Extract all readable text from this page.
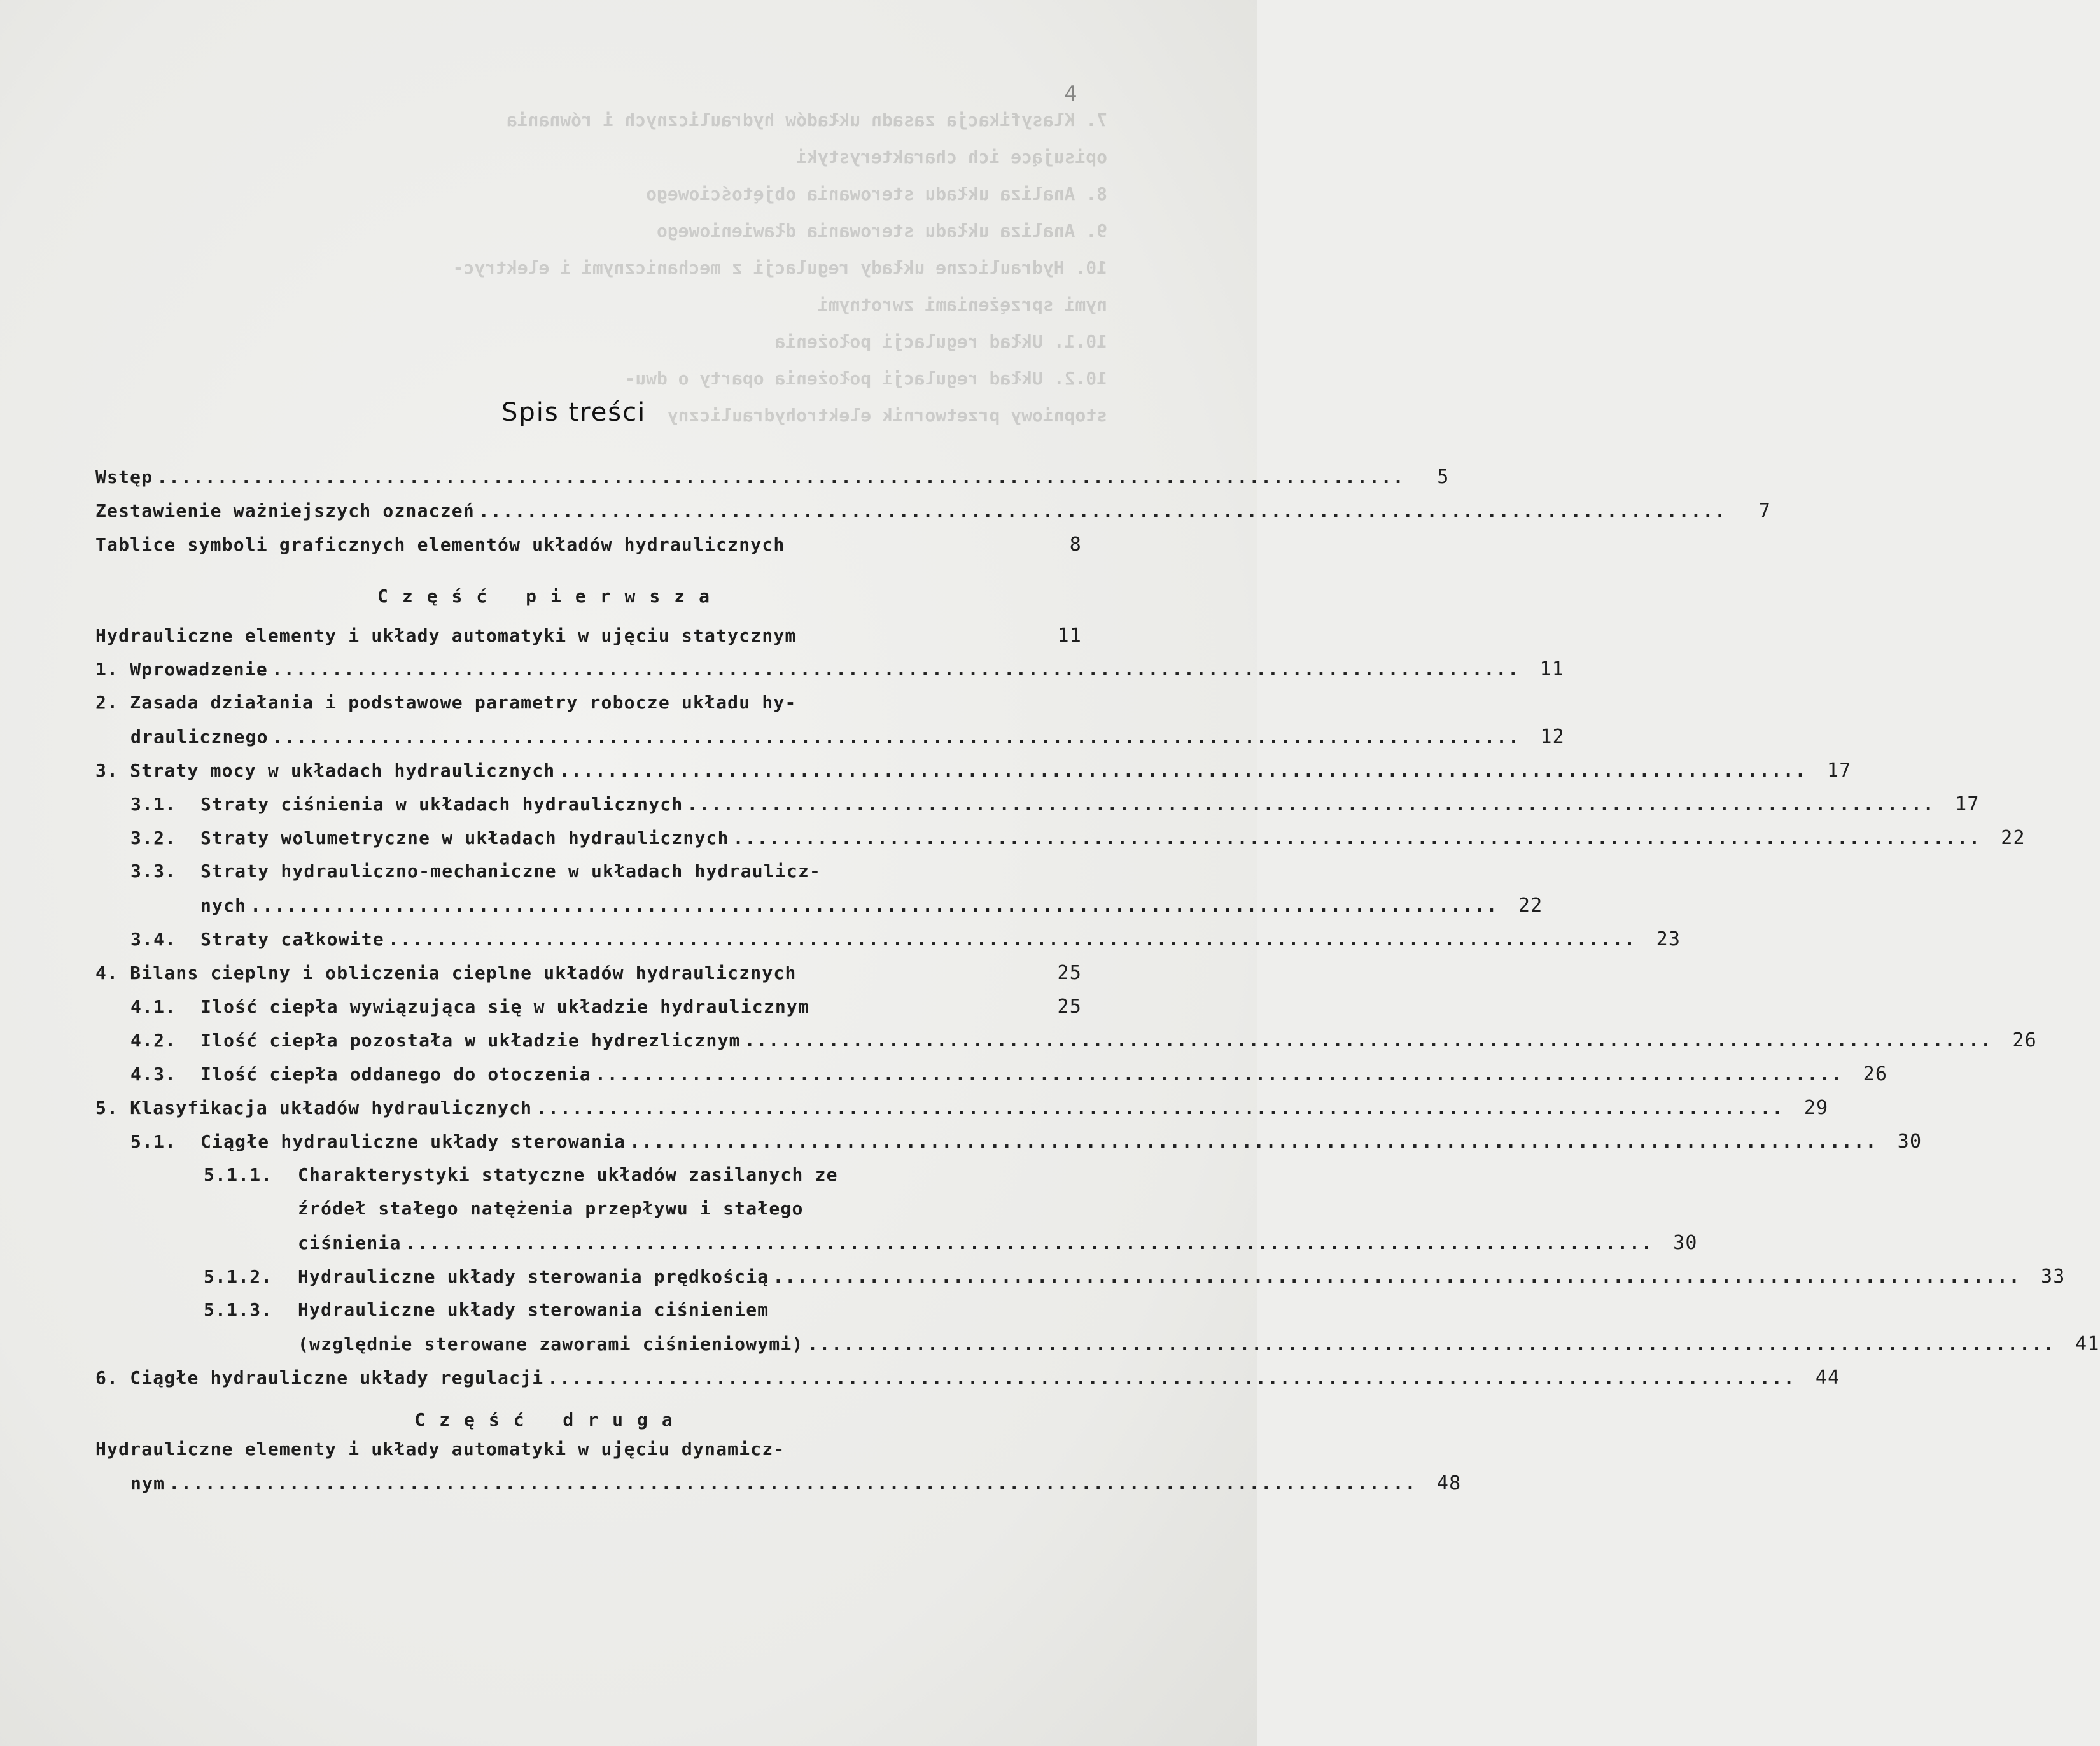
7. Klasyfikacja zasadn układów hydraulicznych i równania
opisujące ich charakterystyki
8. Analiza układu sterowania objętościowego
9. Analiza układu sterowania dławieniowego
10. Hydrauliczne układy regulacji z mechanicznymi i elektryc-
nymi sprzężeniami zwrotnymi
10.1. Układ regulacji położenia
10.2. Układ regulacji położenia oparty o dwu-
stopniowy przetwornik elektrohydrauliczny
4
Spis treści
Wstęp ........................................................................................................	5
Zestawienie ważniejszych oznaczeń ........................................................................................................	7
Tablice symboli graficznych elementów układów hydraulicznych	8
Część pierwsza
Hydrauliczne elementy i układy automatyki w ujęciu statycznym	11
1. Wprowadzenie ........................................................................................................	11
2. Zasada działania i podstawowe parametry robocze układu hy-
draulicznego ........................................................................................................	12
3. Straty mocy w układach hydraulicznych ........................................................................................................	17
3.1. Straty ciśnienia w układach hydraulicznych ........................................................................................................	17
3.2. Straty wolumetryczne w układach hydraulicznych ........................................................................................................	22
3.3. Straty hydrauliczno-mechaniczne w układach hydraulicz-
nych ........................................................................................................	22
3.4. Straty całkowite ........................................................................................................	23
4. Bilans cieplny i obliczenia cieplne układów hydraulicznych	25
4.1. Ilość ciepła wywiązująca się w układzie hydraulicznym	25
4.2. Ilość ciepła pozostała w układzie hydrezlicznym ........................................................................................................	26
4.3. Ilość ciepła oddanego do otoczenia ........................................................................................................	26
5. Klasyfikacja układów hydraulicznych ........................................................................................................	29
5.1. Ciągłe hydrauliczne układy sterowania ........................................................................................................	30
5.1.1. Charakterystyki statyczne układów zasilanych ze
źródeł stałego natężenia przepływu i stałego
ciśnienia ........................................................................................................	30
5.1.2. Hydrauliczne układy sterowania prędkością ........................................................................................................	33
5.1.3. Hydrauliczne układy sterowania ciśnieniem
(względnie sterowane zaworami ciśnieniowymi) ........................................................................................................	41
6. Ciągłe hydrauliczne układy regulacji ........................................................................................................	44
Część druga
Hydrauliczne elementy i układy automatyki w ujęciu dynamicz-
nym ........................................................................................................	48
